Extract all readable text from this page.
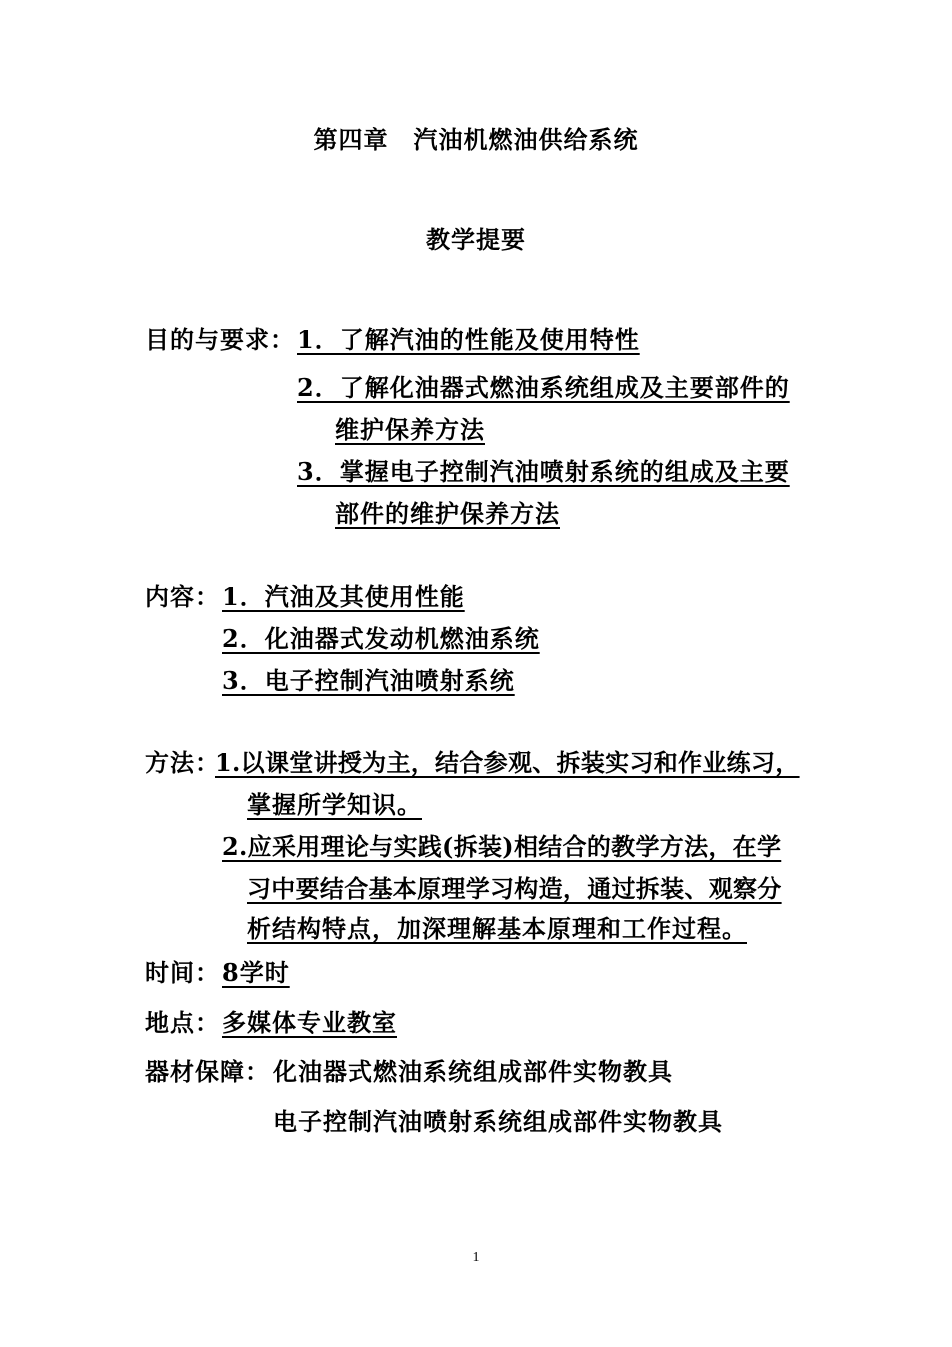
第四章　汽油机燃油供给系统
教学提要
目的与要求： 1．了解汽油的性能及使用特性
2．了解化油器式燃油系统组成及主要部件的
维护保养方法
3．掌握电子控制汽油喷射系统的组成及主要
部件的维护保养方法
内容： 1．汽油及其使用性能
2．化油器式发动机燃油系统
3．电子控制汽油喷射系统
方法：
1.以课堂讲授为主，结合参观、拆装实习和作业练习，
掌握所学知识。
2.应采用理论与实践(拆装)相结合的教学方法，在学
习中要结合基本原理学习构造，通过拆装、观察分
析结构特点，加深理解基本原理和工作过程。
时间： 8学时
地点： 多媒体专业教室
器材保障： 化油器式燃油系统组成部件实物教具
电子控制汽油喷射系统组成部件实物教具
1
